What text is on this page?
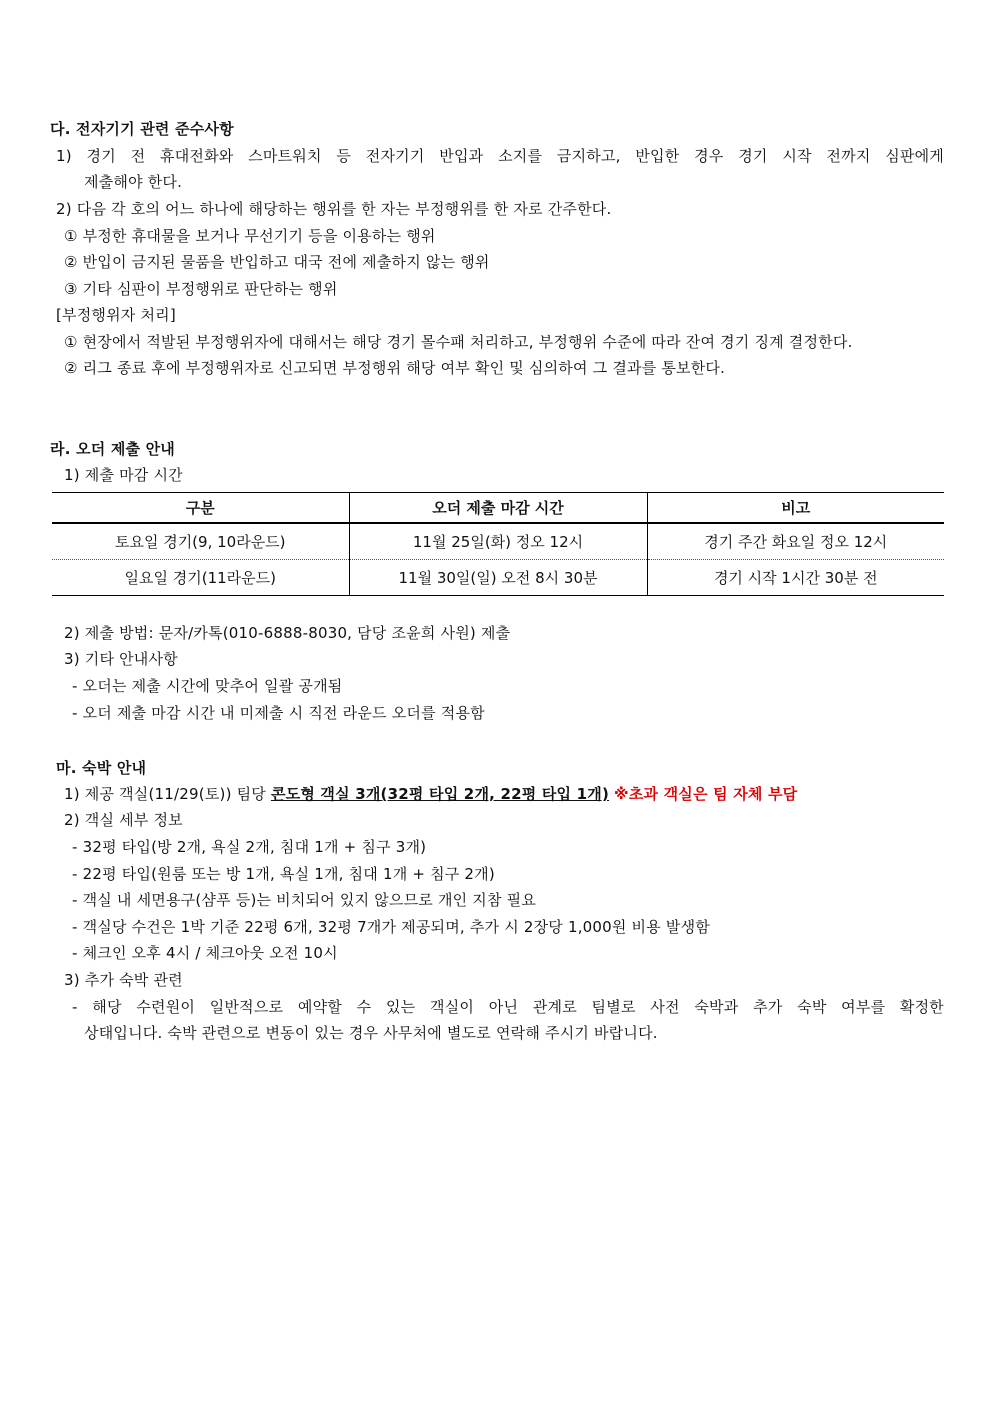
다. 전자기기 관련 준수사항
1) 경기 전 휴대전화와 스마트워치 등 전자기기 반입과 소지를 금지하고, 반입한 경우 경기 시작 전까지 심판에게
제출해야 한다.
2) 다음 각 호의 어느 하나에 해당하는 행위를 한 자는 부정행위를 한 자로 간주한다.
① 부정한 휴대물을 보거나 무선기기 등을 이용하는 행위
② 반입이 금지된 물품을 반입하고 대국 전에 제출하지 않는 행위
③ 기타 심판이 부정행위로 판단하는 행위
[부정행위자 처리]
① 현장에서 적발된 부정행위자에 대해서는 해당 경기 몰수패 처리하고, 부정행위 수준에 따라 잔여 경기 징계 결정한다.
② 리그 종료 후에 부정행위자로 신고되면 부정행위 해당 여부 확인 및 심의하여 그 결과를 통보한다.
라. 오더 제출 안내
1) 제출 마감 시간
구분	오더 제출 마감 시간	비고
토요일 경기(9, 10라운드)	11월 25일(화) 정오 12시	경기 주간 화요일 정오 12시
일요일 경기(11라운드)	11월 30일(일) 오전 8시 30분	경기 시작 1시간 30분 전
2) 제출 방법: 문자/카톡(010-6888-8030, 담당 조윤희 사원) 제출
3) 기타 안내사항
- 오더는 제출 시간에 맞추어 일괄 공개됨
- 오더 제출 마감 시간 내 미제출 시 직전 라운드 오더를 적용함
마. 숙박 안내
1) 제공 객실(11/29(토)) 팀당 콘도형 객실 3개(32평 타입 2개, 22평 타입 1개) ※초과 객실은 팀 자체 부담
2) 객실 세부 정보
- 32평 타입(방 2개, 욕실 2개, 침대 1개 + 침구 3개)
- 22평 타입(원룸 또는 방 1개, 욕실 1개, 침대 1개 + 침구 2개)
- 객실 내 세면용구(샴푸 등)는 비치되어 있지 않으므로 개인 지참 필요
- 객실당 수건은 1박 기준 22평 6개, 32평 7개가 제공되며, 추가 시 2장당 1,000원 비용 발생함
- 체크인 오후 4시 / 체크아웃 오전 10시
3) 추가 숙박 관련
- 해당 수련원이 일반적으로 예약할 수 있는 객실이 아닌 관계로 팀별로 사전 숙박과 추가 숙박 여부를 확정한
상태입니다. 숙박 관련으로 변동이 있는 경우 사무처에 별도로 연락해 주시기 바랍니다.
